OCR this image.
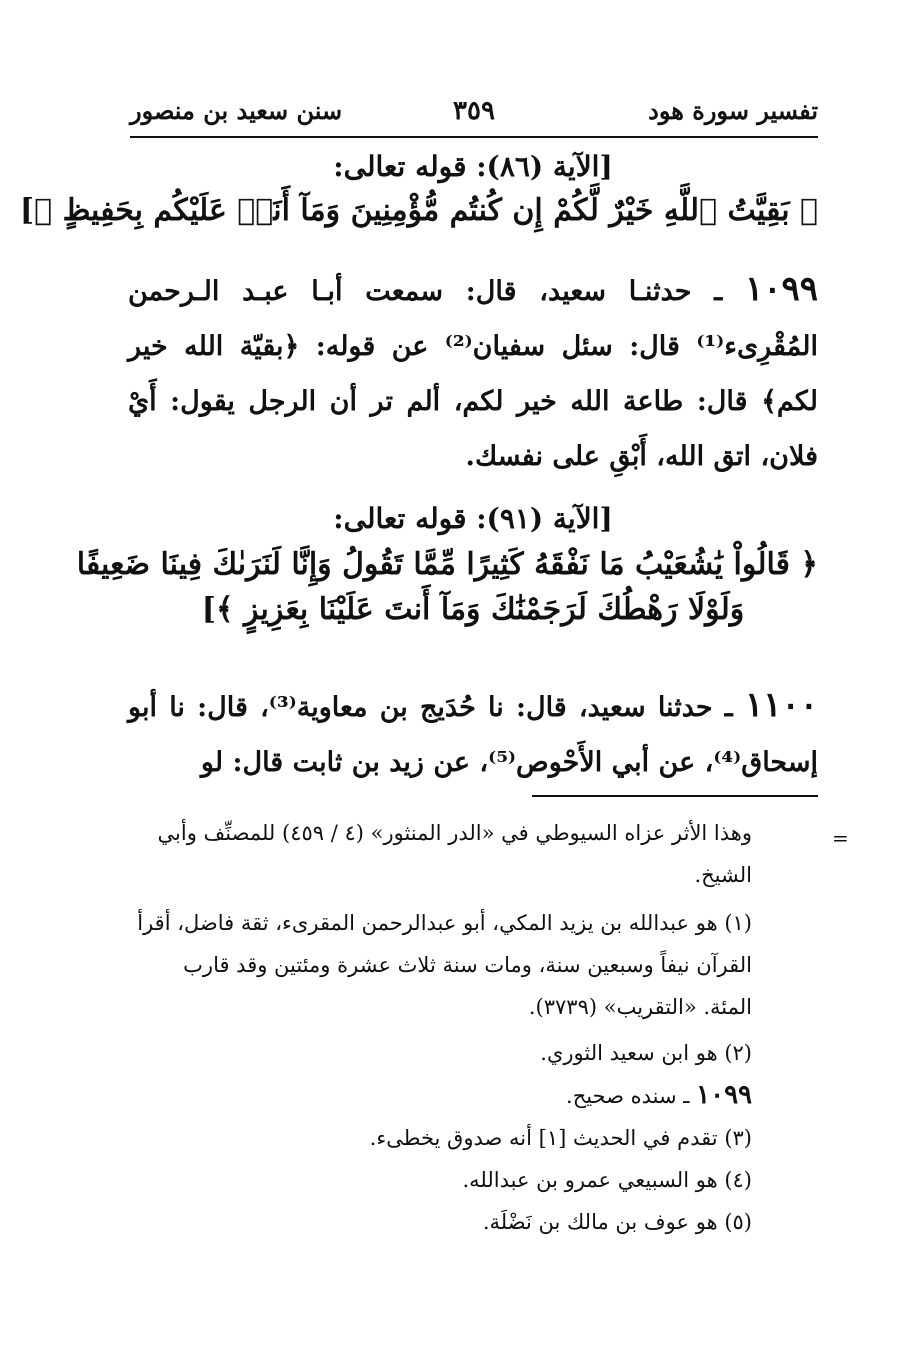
تفسير سورة هود
٣٥٩
سنن سعيد بن منصور
[الآية (٨٦): قوله تعالى:
﴿ بَقِيَّتُ ٱللَّهِ خَيْرٌ لَّكُمْ إِن كُنتُم مُّؤْمِنِينَ وَمَآ أَنَا۠ عَلَيْكُم بِحَفِيظٍ ﴾]
١٠٩٩ ـ حدثنـا سعيد، قال: سمعت أبـا عبـد الـرحمن المُقْرِىء⁽¹⁾ قال: سئل سفيان⁽²⁾ عن قوله: ﴿بقيّة الله خير لكم﴾ قال: طاعة الله خير لكم، ألم تر أن الرجل يقول: أَيْ فلان، اتق الله، أَبْقِ على نفسك.
[الآية (٩١): قوله تعالى:
﴿ قَالُواْ يَٰشُعَيْبُ مَا نَفْقَهُ كَثِيرًا مِّمَّا تَقُولُ وَإِنَّا لَنَرَىٰكَ فِينَا ضَعِيفًا
وَلَوْلَا رَهْطُكَ لَرَجَمْنَٰكَ وَمَآ أَنتَ عَلَيْنَا بِعَزِيزٍ ﴾]
١١٠٠ ـ حدثنا سعيد، قال: نا حُدَيج بن معاوية⁽³⁾، قال: نا أبو إسحاق⁽⁴⁾، عن أبي الأَحْوص⁽⁵⁾، عن زيد بن ثابت قال: لو
=
وهذا الأثر عزاه السيوطي في «الدر المنثور» (٤ / ٤٥٩) للمصنِّف وأبي الشيخ.
(١) هو عبدالله بن يزيد المكي، أبو عبدالرحمن المقرىء، ثقة فاضل، أقرأ القرآن نيفاً وسبعين سنة، ومات سنة ثلاث عشرة ومئتين وقد قارب المئة. «التقريب» (٣٧٣٩).
(٢) هو ابن سعيد الثوري.
١٠٩٩ ـ سنده صحيح.
(٣) تقدم في الحديث [١] أنه صدوق يخطىء.
(٤) هو السبيعي عمرو بن عبدالله.
(٥) هو عوف بن مالك بن نَضْلَة.
